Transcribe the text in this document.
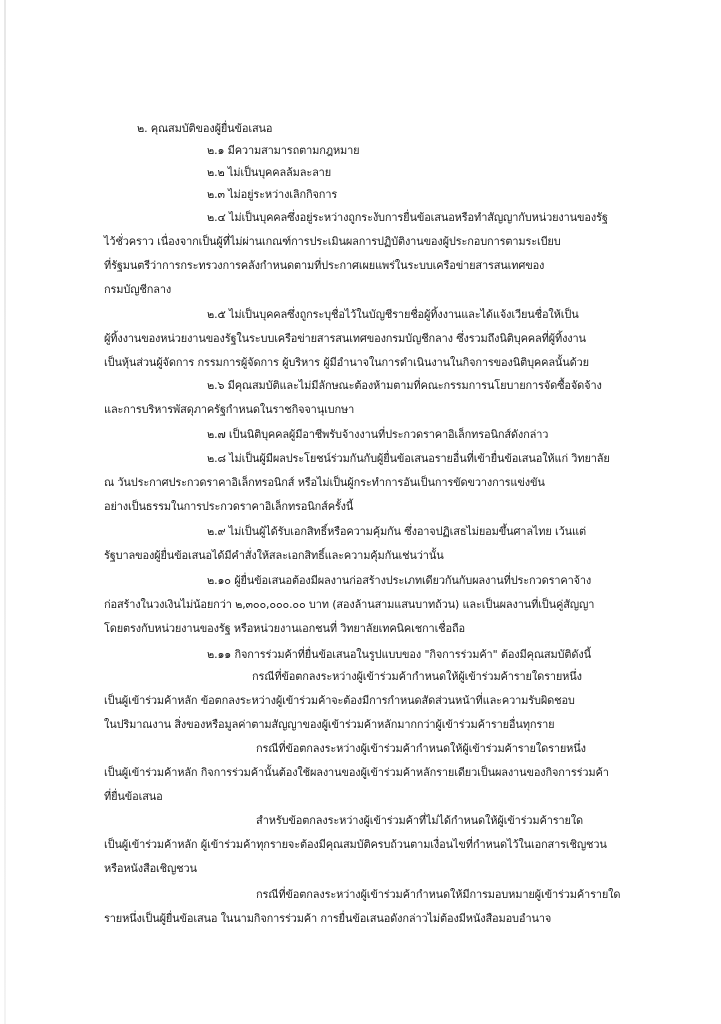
๒. คุณสมบัติของผู้ยื่นข้อเสนอ
๒.๑ มีความสามารถตามกฎหมาย
๒.๒ ไม่เป็นบุคคลล้มละลาย
๒.๓ ไม่อยู่ระหว่างเลิกกิจการ
๒.๔ ไม่เป็นบุคคลซึ่งอยู่ระหว่างถูกระงับการยื่นข้อเสนอหรือทำสัญญากับหน่วยงานของรัฐ
ไว้ชั่วคราว เนื่องจากเป็นผู้ที่ไม่ผ่านเกณฑ์การประเมินผลการปฏิบัติงานของผู้ประกอบการตามระเบียบ
ที่รัฐมนตรีว่าการกระทรวงการคลังกำหนดตามที่ประกาศเผยแพร่ในระบบเครือข่ายสารสนเทศของ
กรมบัญชีกลาง
๒.๕ ไม่เป็นบุคคลซึ่งถูกระบุชื่อไว้ในบัญชีรายชื่อผู้ทิ้งงานและได้แจ้งเวียนชื่อให้เป็น
ผู้ทิ้งงานของหน่วยงานของรัฐในระบบเครือข่ายสารสนเทศของกรมบัญชีกลาง ซึ่งรวมถึงนิติบุคคลที่ผู้ทิ้งงาน
เป็นหุ้นส่วนผู้จัดการ กรรมการผู้จัดการ ผู้บริหาร ผู้มีอำนาจในการดำเนินงานในกิจการของนิติบุคคลนั้นด้วย
๒.๖ มีคุณสมบัติและไม่มีลักษณะต้องห้ามตามที่คณะกรรมการนโยบายการจัดซื้อจัดจ้าง
และการบริหารพัสดุภาครัฐกำหนดในราชกิจจานุเบกษา
๒.๗ เป็นนิติบุคคลผู้มีอาชีพรับจ้างงานที่ประกวดราคาอิเล็กทรอนิกส์ดังกล่าว
๒.๘ ไม่เป็นผู้มีผลประโยชน์ร่วมกันกับผู้ยื่นข้อเสนอรายอื่นที่เข้ายื่นข้อเสนอให้แก่ วิทยาลัย
ณ วันประกาศประกวดราคาอิเล็กทรอนิกส์ หรือไม่เป็นผู้กระทำการอันเป็นการขัดขวางการแข่งขัน
อย่างเป็นธรรมในการประกวดราคาอิเล็กทรอนิกส์ครั้งนี้
๒.๙ ไม่เป็นผู้ได้รับเอกสิทธิ์หรือความคุ้มกัน ซึ่งอาจปฏิเสธไม่ยอมขึ้นศาลไทย เว้นแต่
รัฐบาลของผู้ยื่นข้อเสนอได้มีคำสั่งให้สละเอกสิทธิ์และความคุ้มกันเช่นว่านั้น
๒.๑๐ ผู้ยื่นข้อเสนอต้องมีผลงานก่อสร้างประเภทเดียวกันกับผลงานที่ประกวดราคาจ้าง
ก่อสร้างในวงเงินไม่น้อยกว่า ๒,๓๐๐,๐๐๐.๐๐ บาท (สองล้านสามแสนบาทถ้วน) และเป็นผลงานที่เป็นคู่สัญญา
โดยตรงกับหน่วยงานของรัฐ หรือหน่วยงานเอกชนที่ วิทยาลัยเทคนิคเชกาเชื่อถือ
๒.๑๑ กิจการร่วมค้าที่ยื่นข้อเสนอในรูปแบบของ "กิจการร่วมค้า" ต้องมีคุณสมบัติดังนี้
กรณีที่ข้อตกลงระหว่างผู้เข้าร่วมค้ากำหนดให้ผู้เข้าร่วมค้ารายใดรายหนึ่ง
เป็นผู้เข้าร่วมค้าหลัก ข้อตกลงระหว่างผู้เข้าร่วมค้าจะต้องมีการกำหนดสัดส่วนหน้าที่และความรับผิดชอบ
ในปริมาณงาน สิ่งของหรือมูลค่าตามสัญญาของผู้เข้าร่วมค้าหลักมากกว่าผู้เข้าร่วมค้ารายอื่นทุกราย
กรณีที่ข้อตกลงระหว่างผู้เข้าร่วมค้ากำหนดให้ผู้เข้าร่วมค้ารายใดรายหนึ่ง
เป็นผู้เข้าร่วมค้าหลัก กิจการร่วมค้านั้นต้องใช้ผลงานของผู้เข้าร่วมค้าหลักรายเดียวเป็นผลงานของกิจการร่วมค้า
ที่ยื่นข้อเสนอ
สำหรับข้อตกลงระหว่างผู้เข้าร่วมค้าที่ไม่ได้กำหนดให้ผู้เข้าร่วมค้ารายใด
เป็นผู้เข้าร่วมค้าหลัก ผู้เข้าร่วมค้าทุกรายจะต้องมีคุณสมบัติครบถ้วนตามเงื่อนไขที่กำหนดไว้ในเอกสารเชิญชวน
หรือหนังสือเชิญชวน
กรณีที่ข้อตกลงระหว่างผู้เข้าร่วมค้ากำหนดให้มีการมอบหมายผู้เข้าร่วมค้ารายใด
รายหนึ่งเป็นผู้ยื่นข้อเสนอ ในนามกิจการร่วมค้า การยื่นข้อเสนอดังกล่าวไม่ต้องมีหนังสือมอบอำนาจ
